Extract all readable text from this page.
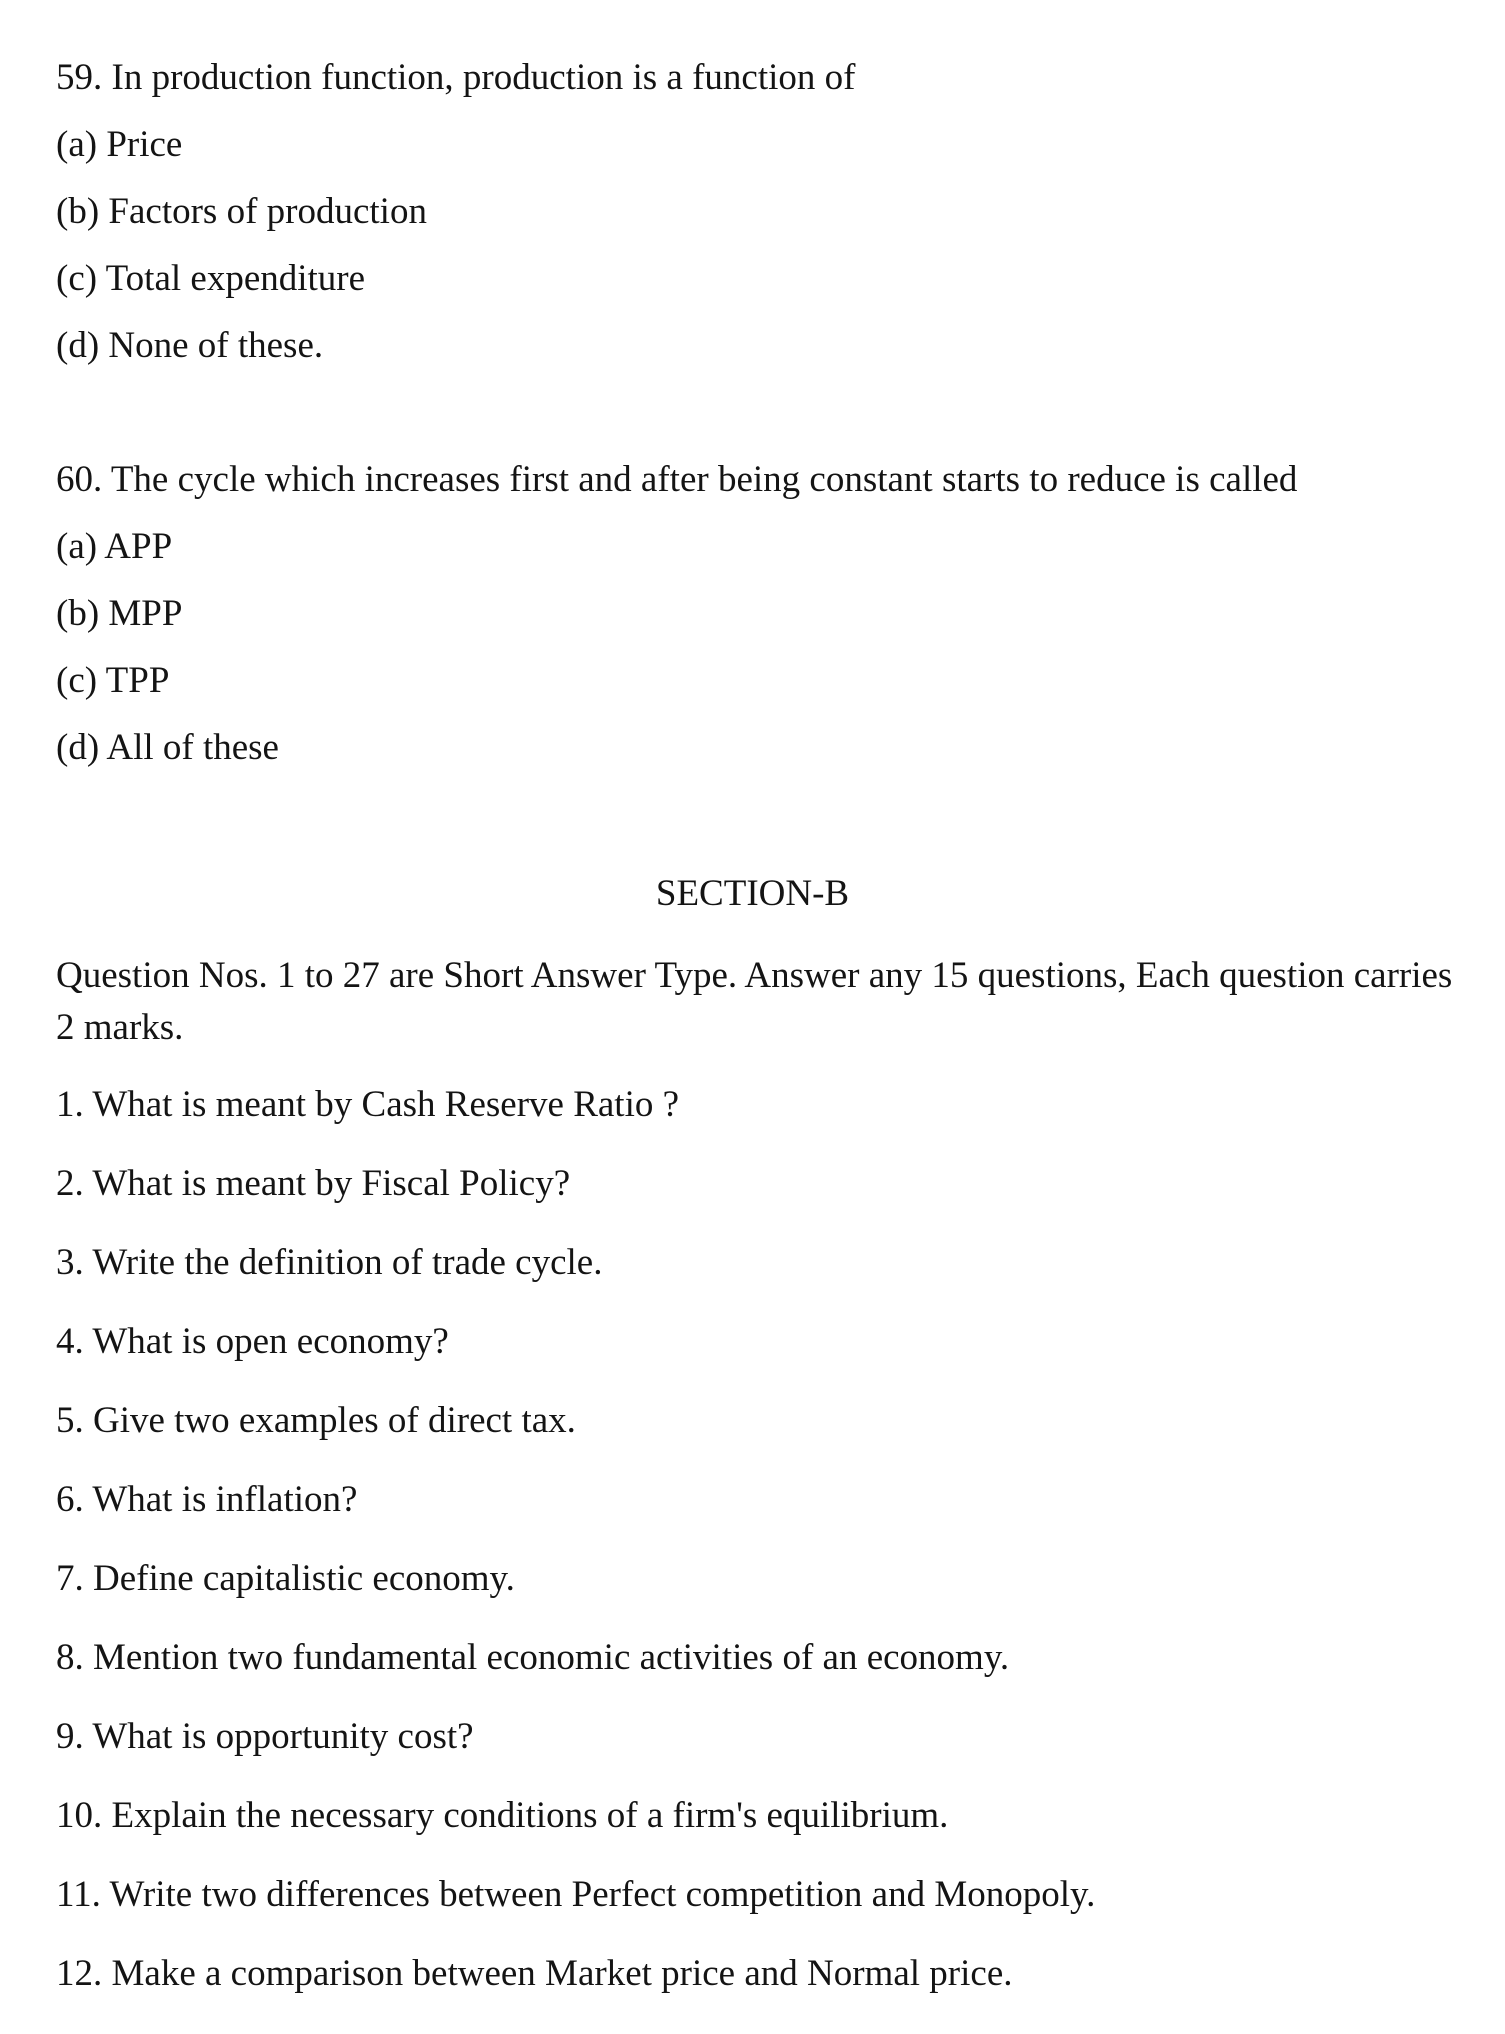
59. In production function, production is a function of
(a) Price
(b) Factors of production
(c) Total expenditure
(d) None of these.
60. The cycle which increases first and after being constant starts to reduce is called
(a) APP
(b) MPP
(c) TPP
(d) All of these
SECTION-B
Question Nos. 1 to 27 are Short Answer Type. Answer any 15 questions, Each question carries 2 marks.
1. What is meant by Cash Reserve Ratio ?
2. What is meant by Fiscal Policy?
3. Write the definition of trade cycle.
4. What is open economy?
5. Give two examples of direct tax.
6. What is inflation?
7. Define capitalistic economy.
8. Mention two fundamental economic activities of an economy.
9. What is opportunity cost?
10. Explain the necessary conditions of a firm's equilibrium.
11. Write two differences between Perfect competition and Monopoly.
12. Make a comparison between Market price and Normal price.
